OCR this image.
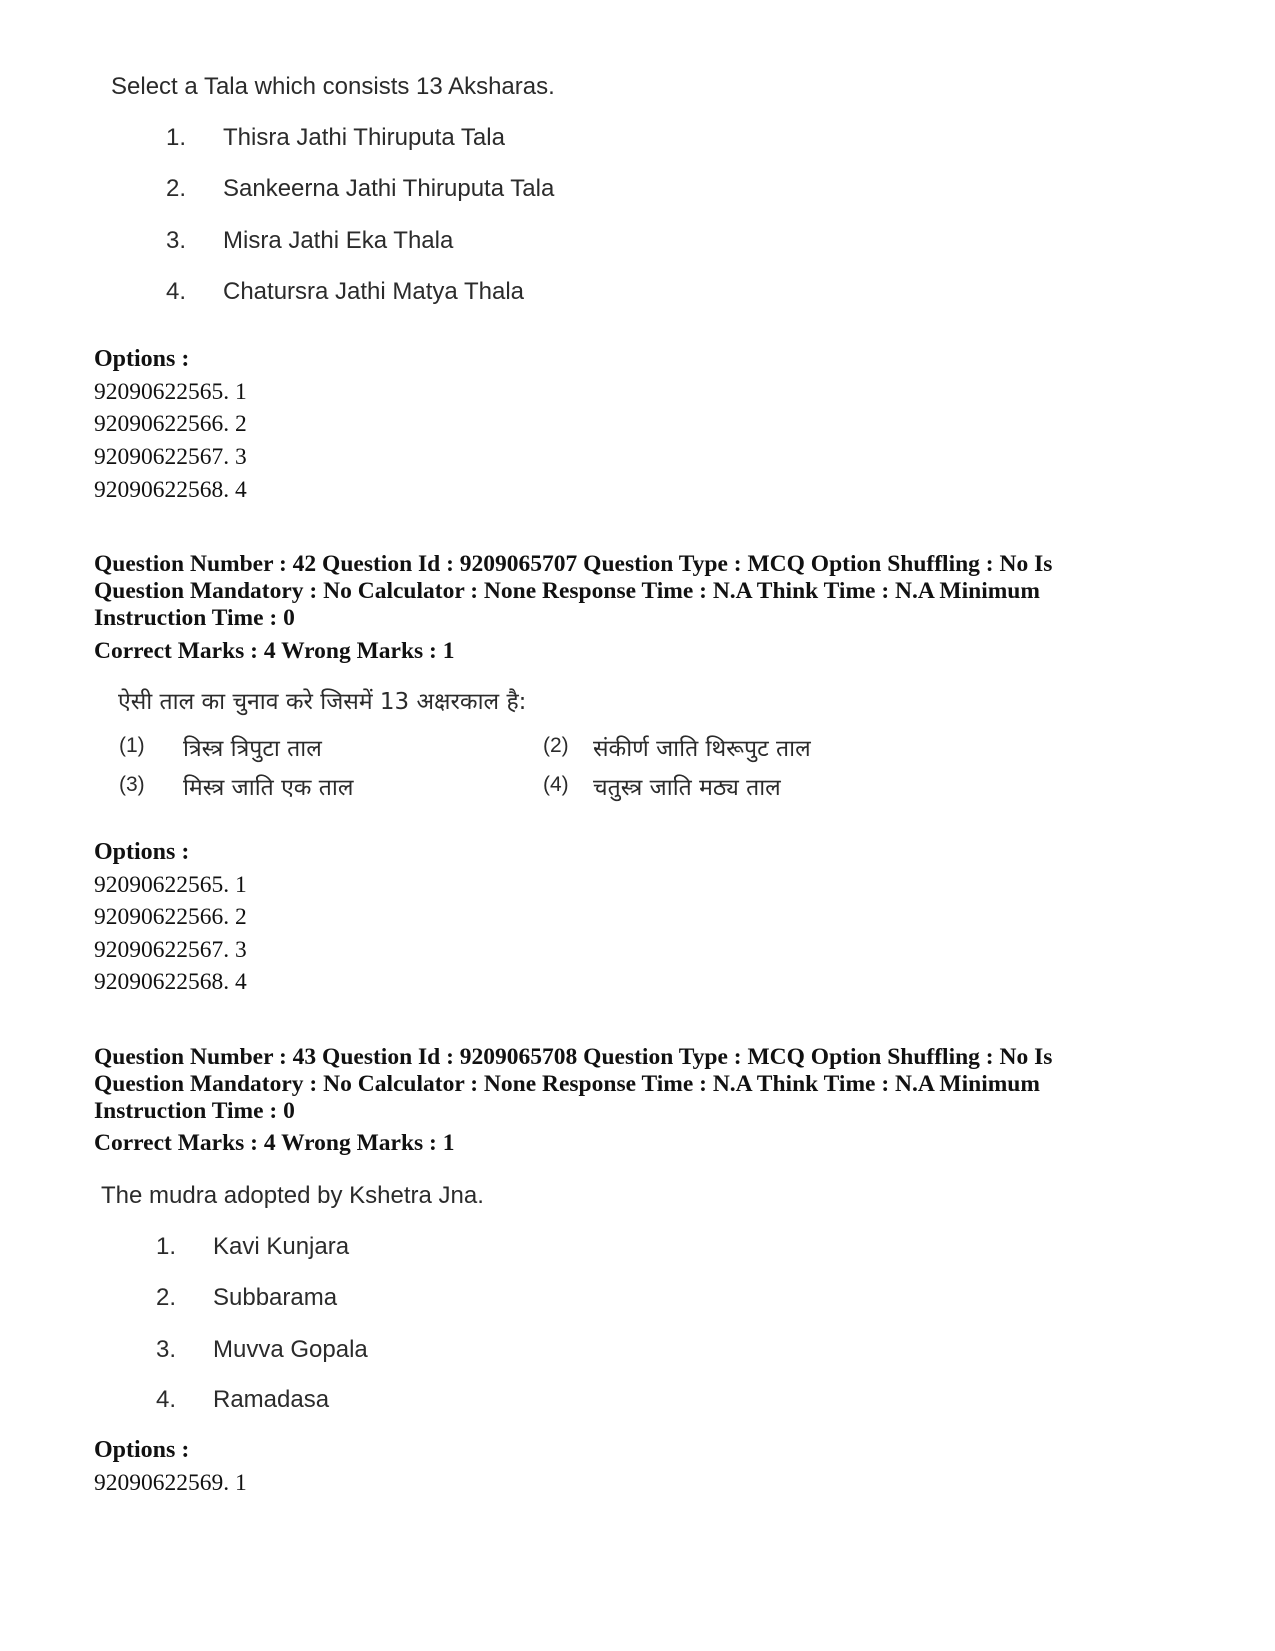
Select a Tala which consists 13 Aksharas.
1. Thisra Jathi Thiruputa Tala
2. Sankeerna Jathi Thiruputa Tala
3. Misra Jathi Eka Thala
4. Chatursra Jathi Matya Thala
Options :
92090622565. 1
92090622566. 2
92090622567. 3
92090622568. 4
Question Number : 42 Question Id : 9209065707 Question Type : MCQ Option Shuffling : No Is
Question Mandatory : No Calculator : None Response Time : N.A Think Time : N.A Minimum
Instruction Time : 0
Correct Marks : 4 Wrong Marks : 1
ऐसी ताल का चुनाव करे जिसमें 13 अक्षरकाल है:
(1) त्रिस्त्र त्रिपुटा ताल	(2) संकीर्ण जाति थिरूपुट ताल
(3) मिस्त्र जाति एक ताल	(4) चतुस्त्र जाति मठ्य ताल
Options :
92090622565. 1
92090622566. 2
92090622567. 3
92090622568. 4
Question Number : 43 Question Id : 9209065708 Question Type : MCQ Option Shuffling : No Is
Question Mandatory : No Calculator : None Response Time : N.A Think Time : N.A Minimum
Instruction Time : 0
Correct Marks : 4 Wrong Marks : 1
The mudra adopted by Kshetra Jna.
1. Kavi Kunjara
2. Subbarama
3. Muvva Gopala
4. Ramadasa
Options :
92090622569. 1
